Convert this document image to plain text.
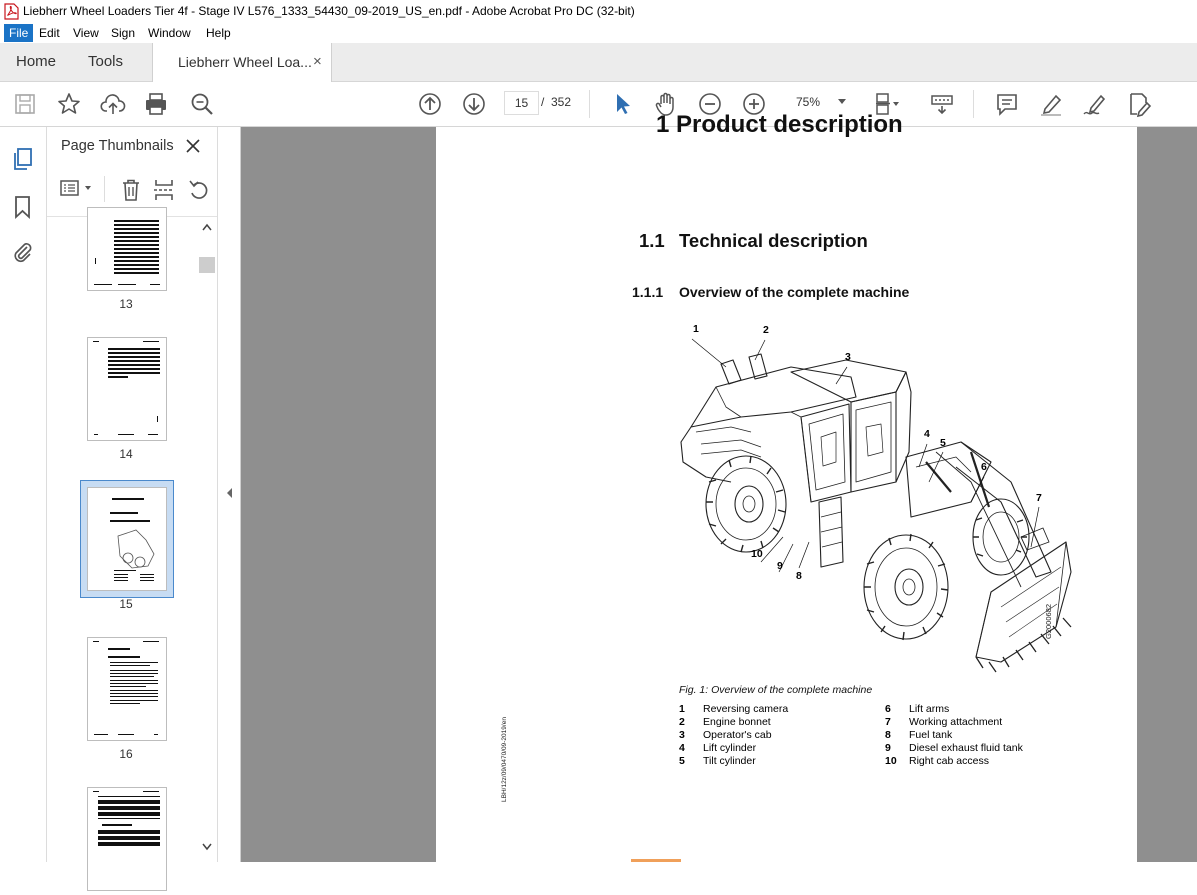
Liebherr Wheel Loaders Tier 4f - Stage IV L576_1333_54430_09-2019_US_en.pdf - Adobe Acrobat Pro DC (32-bit)
File Edit	View	Sign	Window	Help
Home Tools	Liebherr Wheel Loa... ×
15	/ 352	75%
Page Thumbnails
13
14
15
16
1 Product description
1.1 Technical description
1.1.1 Overview of the complete machine
1	2
3
4
5
6
7
8
9
10
G2000682
LBH/12z/09/0470/09-2019/en
Fig. 1: Overview of the complete machine
1 Reversing camera
2 Engine bonnet
3 Operator's cab
4 Lift cylinder
5 Tilt cylinder
6 Lift arms
7 Working attachment
8 Fuel tank
9 Diesel exhaust fluid tank
10 Right cab access
